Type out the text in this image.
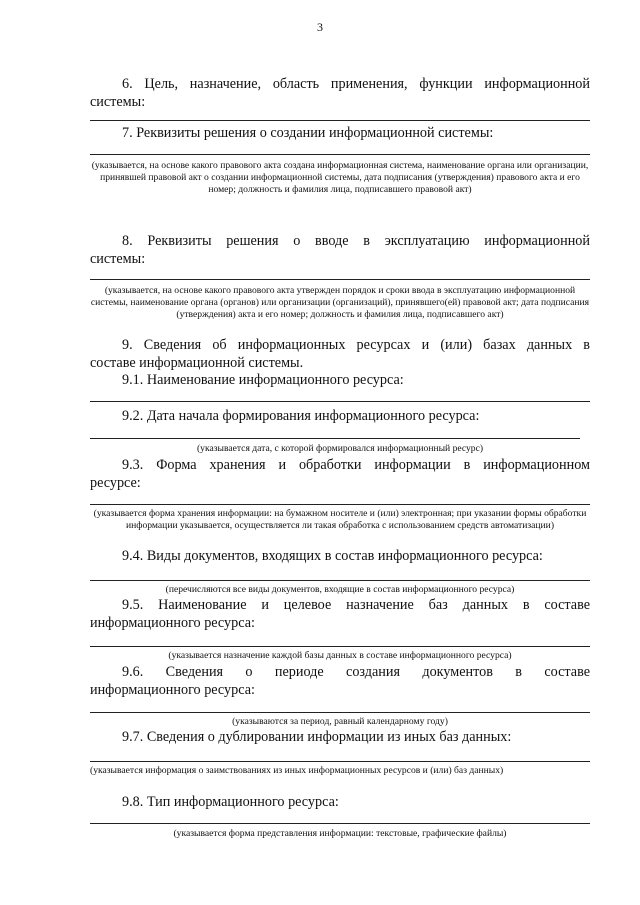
3

6. Цель, назначение, область применения, функции информационной

системы:

7. Реквизиты решения о создании информационной системы:

(указывается, на основе какого правового акта создана информационная система, наименование органа или организации, принявшей правовой акт о создании информационной системы, дата подписания (утверждения) правового акта и его номер; должность и фамилия лица, подписавшего правовой акт)

8. Реквизиты решения о вводе в эксплуатацию информационной

системы:

(указывается, на основе какого правового акта утвержден порядок и сроки ввода в эксплуатацию информационной системы, наименование органа (органов) или организации (организаций), принявшего(ей) правовой акт; дата подписания (утверждения) акта и его номер; должность и фамилия лица, подписавшего акт)

9. Сведения об информационных ресурсах и (или) базах данных в

составе информационной системы.

9.1. Наименование информационного ресурса:

9.2. Дата начала формирования информационного ресурса:

(указывается дата, с которой формировался информационный ресурс)

9.3. Форма хранения и обработки информации в информационном

ресурсе:

(указывается форма хранения информации: на бумажном носителе и (или) электронная; при указании формы обработки информации указывается, осуществляется ли такая обработка с использованием средств автоматизации)

9.4. Виды документов, входящих в состав информационного ресурса:

(перечисляются все виды документов, входящие в состав информационного ресурса)

9.5. Наименование и целевое назначение баз данных в составе

информационного ресурса:

(указывается назначение каждой базы данных в составе информационного ресурса)

9.6. Сведения о периоде создания документов в составе

информационного ресурса:

(указываются за период, равный календарному году)

9.7. Сведения о дублировании информации из иных баз данных:

(указывается информация о заимствованиях из иных информационных ресурсов и (или) баз данных)

9.8. Тип информационного ресурса:

(указывается форма представления информации: текстовые, графические файлы)
